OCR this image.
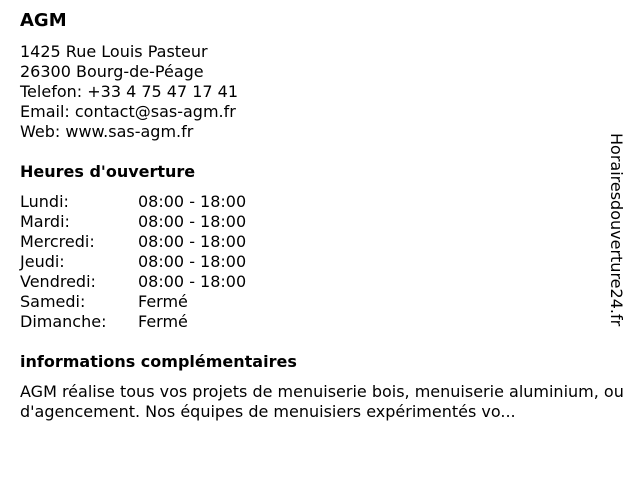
AGM
1425 Rue Louis Pasteur
26300 Bourg-de-Péage
Telefon: +33 4 75 47 17 41
Email: contact@sas-agm.fr
Web: www.sas-agm.fr
Heures d'ouverture
Lundi:	08:00 - 18:00
Mardi:	08:00 - 18:00
Mercredi:	08:00 - 18:00
Jeudi:	08:00 - 18:00
Vendredi:	08:00 - 18:00
Samedi:	Fermé
Dimanche:	Fermé
informations complémentaires
AGM réalise tous vos projets de menuiserie bois, menuiserie aluminium, ou d'agencement. Nos équipes de menuisiers expérimentés vo...
Horairesdouverture24.fr
